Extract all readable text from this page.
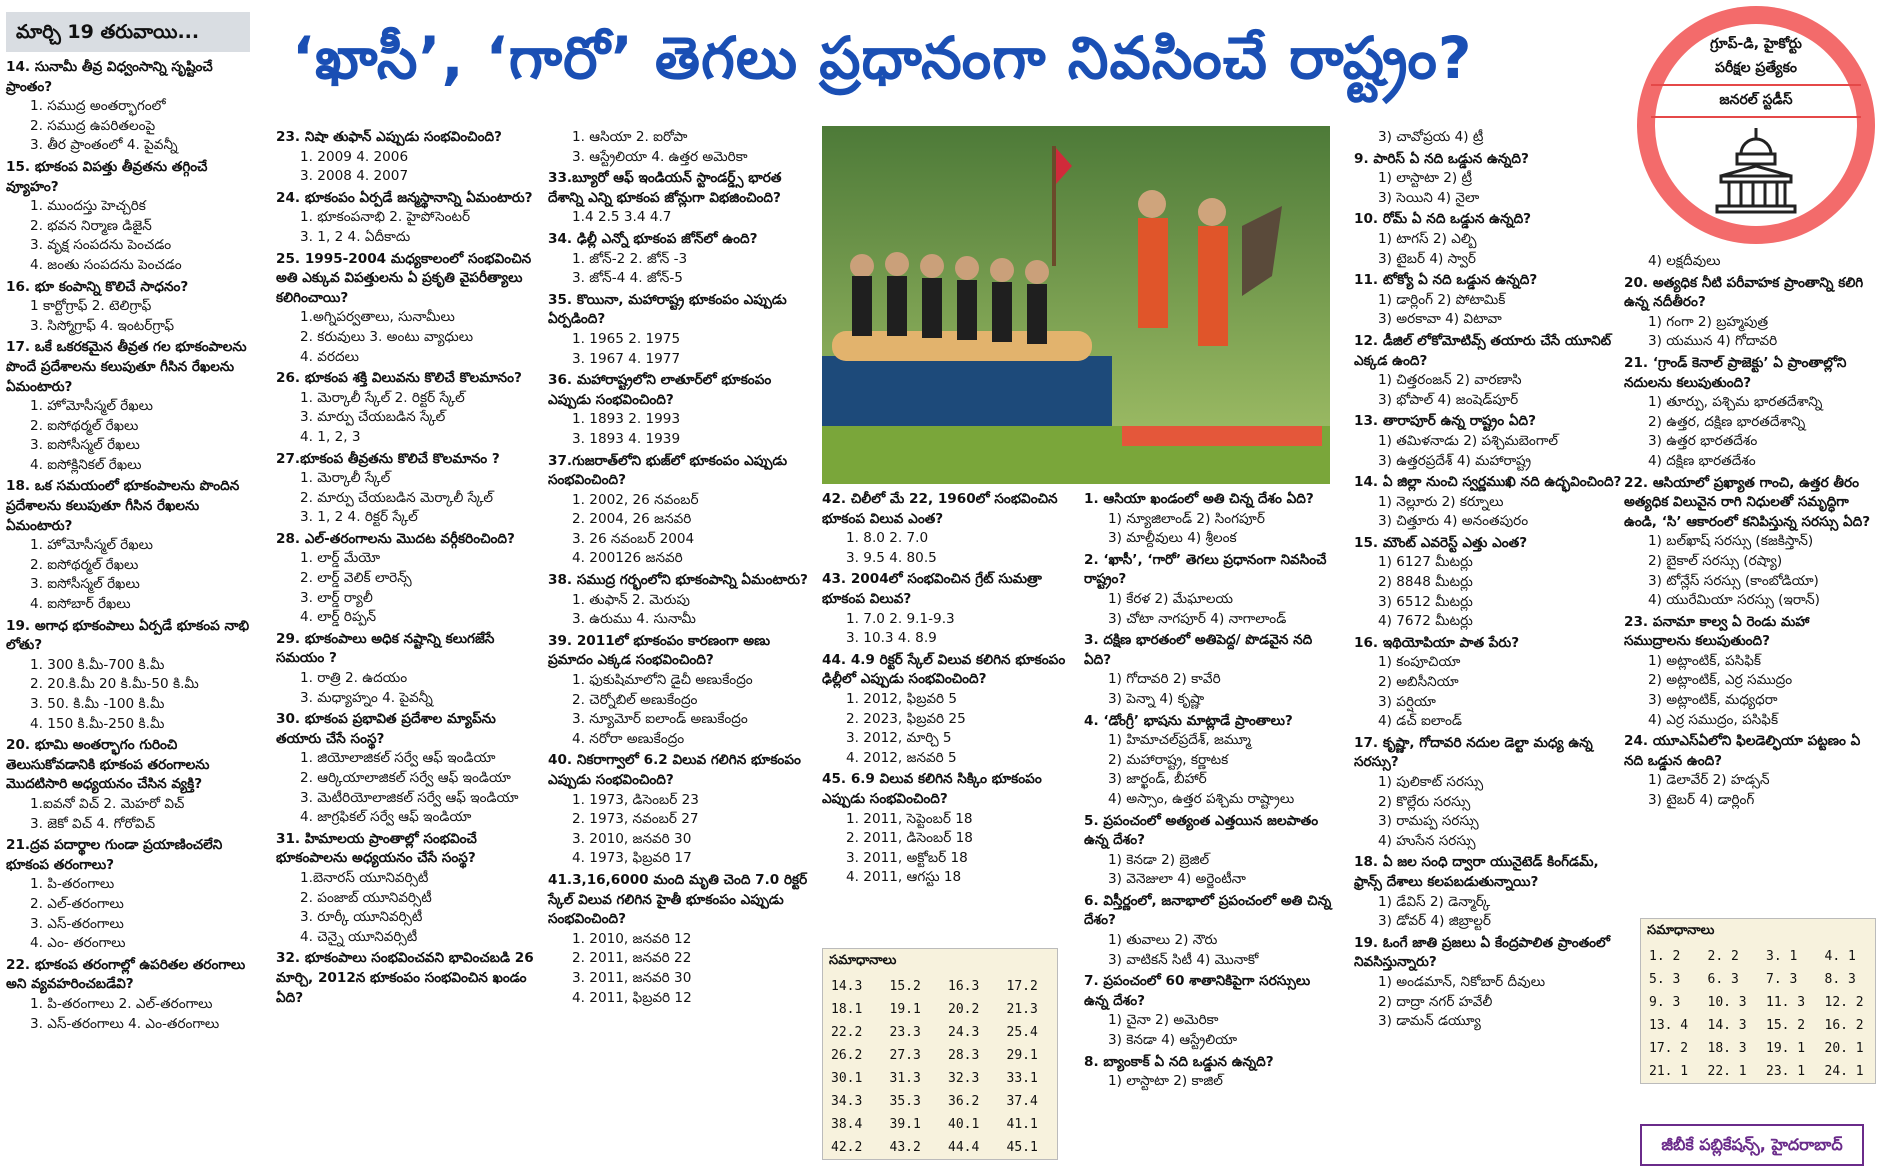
మార్చి 19 తరువాయి...	‘ఖాసీ’, ‘గారో’ తెగలు ప్రధానంగా నివసించే రాష్ట్రం?	గ్రూప్-డి, హైకోర్టు
పరీక్షల ప్రత్యేకం
జనరల్ స్టడీస్
14. సునామీ తీవ్ర విధ్వంసాన్ని సృష్టించే ప్రాంతం?
1. సముద్ర అంతర్భాగంలో
2. సముద్ర ఉపరితలంపై
3. తీర ప్రాంతంలో 4. పైవన్నీ
15. భూకంప విపత్తు తీవ్రతను తగ్గించే వ్యూహం?
1. ముందస్తు హెచ్చరిక
2. భవన నిర్మాణ డిజైన్
3. వృక్ష సంపదను పెంచడం
4. జంతు సంపదను పెంచడం
16. భూ కంపాన్ని కొలిచే సాధనం?
1 కార్టోగ్రాఫ్ 2. టెలిగ్రాఫ్
3. సిస్మోగ్రాఫ్ 4. ఇంటర్‌గ్రాఫ్
17. ఒకే ఒకరకమైన తీవ్రత గల భూకంపాలను పొందే ప్రదేశాలను కలుపుతూ గీసిన రేఖలను ఏమంటారు?
1. హోమోసీస్మల్ రేఖలు
2. ఐసోథర్మల్ రేఖలు
3. ఐసోసీస్మల్ రేఖలు
4. ఐసోక్లినికల్ రేఖలు
18. ఒక సమయంలో భూకంపాలను పొందిన ప్రదేశాలను కలుపుతూ గీసిన రేఖలను ఏమంటారు?
1. హోమోసీస్మల్ రేఖలు
2. ఐసోథర్మల్ రేఖలు
3. ఐసోసీస్మల్ రేఖలు
4. ఐసోబార్ రేఖలు
19. అగాధ భూకంపాలు ఏర్పడే భూకంప నాభి లోతు?
1. 300 కి.మీ-700 కి.మీ
2. 20.కి.మీ 20 కి.మీ-50 కి.మీ
3. 50. కి.మీ -100 కి.మీ
4. 150 కి.మీ-250 కి.మీ
20. భూమి అంతర్భాగం గురించి తెలుసుకోవడానికి భూకంప తరంగాలను మొదటిసారి అధ్యయనం చేసిన వ్యక్తి?
1.ఐవనో విచ్ 2. మెహరో విచ్
3. జెకో విచ్ 4. గోరోవిచ్
21.ద్రవ పదార్థాల గుండా ప్రయాణించలేని భూకంప తరంగాలు?
1. పి-తరంగాలు
2. ఎల్-తరంగాలు
3. ఎస్-తరంగాలు
4. ఎం- తరంగాలు
22. భూకంప తరంగాల్లో ఉపరితల తరంగాలు అని వ్యవహరించబడేవి?
1. పి-తరంగాలు 2. ఎల్-తరంగాలు
3. ఎస్-తరంగాలు 4. ఎం-తరంగాలు
23. నిషా తుఫాన్ ఎప్పుడు సంభవించింది?
1. 2009 4. 2006
3. 2008 4. 2007
24. భూకంపం ఏర్పడే జన్మస్థానాన్ని ఏమంటారు?
1. భూకంపనాభి 2. హైపోసెంటర్
3. 1, 2 4. ఏదీకాదు
25. 1995-2004 మధ్యకాలంలో సంభవించిన అతి ఎక్కువ విపత్తులను ఏ ప్రకృతి వైపరీత్యాలు కలిగించాయి?
1.అగ్నిపర్వతాలు, సునామీలు
2. కరువులు 3. అంటు వ్యాధులు
4. వరదలు
26. భూకంప శక్తి విలువను కొలిచే కొలమానం?
1. మెర్కాలీ స్కేల్ 2. రిక్టర్ స్కేల్
3. మార్పు చేయబడిన స్కేల్
4. 1, 2, 3
27.భూకంప తీవ్రతను కొలిచే కొలమానం ?
1. మెర్కాలీ స్కేల్
2. మార్పు చేయబడిన మెర్కాలీ స్కేల్
3. 1, 2 4. రిక్టర్ స్కేల్
28. ఎల్-తరంగాలను మొదట వర్గీకరించింది?
1. లార్డ్ మేయో
2. లార్డ్ వెలిక్ లారెన్స్
3. లార్డ్ ర్యాలీ
4. లార్డ్ రిప్పన్
29. భూకంపాలు అధిక నష్టాన్ని కలుగజేసే సమయం ?
1. రాత్రి 2. ఉదయం
3. మధ్యాహ్నం 4. పైవన్నీ
30. భూకంప ప్రభావిత ప్రదేశాల మ్యాప్‌ను తయారు చేసే సంస్థ?
1. జియోలాజికల్ సర్వే ఆఫ్ ఇండియా
2. ఆర్కియాలాజికల్ సర్వే ఆఫ్ ఇండియా
3. మెటీరియోలాజికల్ సర్వే ఆఫ్ ఇండియా
4. జాగ్రఫికల్ సర్వే ఆఫ్ ఇండియా
31. హిమాలయ ప్రాంతాల్లో సంభవించే భూకంపాలను అధ్యయనం చేసే సంస్థ?
1.బెనారస్ యూనివర్సిటీ
2. పంజాబ్ యూనివర్సిటీ
3. రూర్కీ యూనివర్సిటీ
4. చెన్నై యూనివర్సిటీ
32. భూకంపాలు సంభవించవని భావించబడి 26 మార్చి, 2012న భూకంపం సంభవించిన ఖండం ఏది?
1. ఆసియా 2. ఐరోపా
3. ఆస్ట్రేలియా 4. ఉత్తర అమెరికా
33.బ్యూరో ఆఫ్ ఇండియన్ స్టాండర్డ్స్ భారత దేశాన్ని ఎన్ని భూకంప జోన్లుగా విభజించింది?
1.4 2.5 3.4 4.7
34. ఢిల్లీ ఎన్నో భూకంప జోన్‌లో ఉంది?
1. జోన్-2 2. జోన్ -3
3. జోన్-4 4. జోన్-5
35. కొయినా, మహారాష్ట్ర భూకంపం ఎప్పుడు ఏర్పడింది?
1. 1965 2. 1975
3. 1967 4. 1977
36. మహారాష్ట్రలోని లాతూర్‌లో భూకంపం ఎప్పుడు సంభవించింది?
1. 1893 2. 1993
3. 1893 4. 1939
37.గుజరాత్‌లోని భుజ్‌లో భూకంపం ఎప్పుడు సంభవించింది?
1. 2002, 26 నవంబర్
2. 2004, 26 జనవరి
3. 26 నవంబర్ 2004
4. 200126 జనవరి
38. సముద్ర గర్భంలోని భూకంపాన్ని ఏమంటారు?
1. తుఫాన్ 2. మెరుపు
3. ఉరుము 4. సునామీ
39. 2011లో భూకంపం కారణంగా అణు ప్రమాదం ఎక్కడ సంభవించింది?
1. ఫుకుషిమాలోని డైచీ అణుకేంద్రం
2. చెర్నోబిల్ అణుకేంద్రం
3. న్యూమోర్ ఐలాండ్ అణుకేంద్రం
4. నరోరా అణుకేంద్రం
40. నికరాగ్వాలో 6.2 విలువ గలిగిన భూకంపం ఎప్పుడు సంభవించింది?
1. 1973, డిసెంబర్ 23
2. 1973, నవంబర్ 27
3. 2010, జనవరి 30
4. 1973, ఫిబ్రవరి 17
41.3,16,6000 మంది మృతి చెంది 7.0 రిక్టర్ స్కేల్ విలువ గలిగిన హైతీ భూకంపం ఎప్పుడు సంభవించింది?
1. 2010, జనవరి 12
2. 2011, జనవరి 22
3. 2011, జనవరి 30
4. 2011, ఫిబ్రవరి 12
42. చిలీలో మే 22, 1960లో సంభవించిన భూకంప విలువ ఎంత?
1. 8.0 2. 7.0
3. 9.5 4. 80.5
43. 2004లో సంభవించిన గ్రేట్ సుమత్రా భూకంప విలువ?
1. 7.0 2. 9.1-9.3
3. 10.3 4. 8.9
44. 4.9 రిక్టర్ స్కేల్ విలువ కలిగిన భూకంపం ఢిల్లీలో ఎప్పుడు సంభవించింది?
1. 2012, ఫిబ్రవరి 5
2. 2023, ఫిబ్రవరి 25
3. 2012, మార్చి 5
4. 2012, జనవరి 5
45. 6.9 విలువ కలిగిన సిక్కిం భూకంపం ఎప్పుడు సంభవించింది?
1. 2011, సెప్టెంబర్ 18
2. 2011, డిసెంబర్ 18
3. 2011, అక్టోబర్ 18
4. 2011, ఆగస్టు 18
1. ఆసియా ఖండంలో అతి చిన్న దేశం ఏది?
1) న్యూజిలాండ్ 2) సింగపూర్
3) మాల్దీవులు 4) శ్రీలంక
2. ‘ఖాసీ’, ‘గారో’ తెగలు ప్రధానంగా నివసించే రాష్ట్రం?
1) కేరళ 2) మేఘాలయ
3) చోటా నాగపూర్ 4) నాగాలాండ్
3. దక్షిణ భారతంలో అతిపెద్ద/ పొడవైన నది ఏది?
1) గోదావరి 2) కావేరి
3) పెన్నా 4) కృష్ణా
4. ‘డోంగ్రీ’ భాషను మాట్లాడే ప్రాంతాలు?
1) హిమాచల్‌ప్రదేశ్, జమ్మూ
2) మహారాష్ట్ర, కర్ణాటక
3) జార్ఖండ్, బీహార్
4) అస్సాం, ఉత్తర పశ్చిమ రాష్ట్రాలు
5. ప్రపంచంలో అత్యంత ఎత్తయిన జలపాతం ఉన్న దేశం?
1) కెనడా 2) బ్రెజిల్
3) వెనెజులా 4) అర్జెంటీనా
6. విస్తీర్ణంలో, జనాభాలో ప్రపంచంలో అతి చిన్న దేశం?
1) తువాలు 2) నౌరు
3) వాటికన్ సిటీ 4) మొనాకో
7. ప్రపంచంలో 60 శాతానికిపైగా సరస్సులు ఉన్న దేశం?
1) చైనా 2) అమెరికా
3) కెనడా 4) ఆస్ట్రేలియా
8. బ్యాంకాక్ ఏ నది ఒడ్డున ఉన్నది?
1) లాస్టాటా 2) కాజిల్
3) చావోప్రయ 4) ట్రీ
9. పారిస్ ఏ నది ఒడ్డున ఉన్నది?
1) లాస్టాటా 2) ట్రీ
3) సెయిని 4) నైలా
10. రోమ్ ఏ నది ఒడ్డున ఉన్నది?
1) టాగస్ 2) ఎల్బి
3) టైబర్ 4) స్వార్
11. టోక్యో ఏ నది ఒడ్డున ఉన్నది?
1) డార్లింగ్ 2) పోటామిక్
3) అరకావా 4) విటావా
12. డీజిల్ లోకోమోటివ్స్ తయారు చేసే యూనిట్ ఎక్కడ ఉంది?
1) చిత్తరంజన్ 2) వారణాసి
3) భోపాల్ 4) జంషెడ్‌పూర్
13. తారాపూర్ ఉన్న రాష్ట్రం ఏది?
1) తమిళనాడు 2) పశ్చిమబెంగాల్
3) ఉత్తరప్రదేశ్ 4) మహారాష్ట్ర
14. ఏ జిల్లా నుంచి స్వర్ణముఖి నది ఉద్భవించింది?
1) నెల్లూరు 2) కర్నూలు
3) చిత్తూరు 4) అనంతపురం
15. మౌంట్ ఎవరెస్ట్ ఎత్తు ఎంత?
1) 6127 మీటర్లు
2) 8848 మీటర్లు
3) 6512 మీటర్లు
4) 7672 మీటర్లు
16. ఇథియోపియా పాత పేరు?
1) కంపూచియా
2) అబిసీనియా
3) పర్షియా
4) డచ్ ఐలాండ్
17. కృష్ణా, గోదావరి నదుల డెల్టా మధ్య ఉన్న సరస్సు?
1) పులికాట్ సరస్సు
2) కొల్లేరు సరస్సు
3) రామప్ప సరస్సు
4) హుసేన సరస్సు
18. ఏ జల సంధి ద్వారా యునైటెడ్ కింగ్‌డమ్, ఫ్రాన్స్ దేశాలు కలపబడుతున్నాయి?
1) డేవిస్ 2) డెన్మార్క్
3) డోవర్ 4) జిబ్రాల్టర్
19. ఓంగే జాతి ప్రజలు ఏ కేంద్రపాలిత ప్రాంతంలో నివసిస్తున్నారు?
1) అండమాన్, నికోబార్ దీవులు
2) దాద్రా నగర్ హవేలీ
3) డామన్ డయ్యూ
4) లక్షదీవులు
20. అత్యధిక నీటి పరీవాహక ప్రాంతాన్ని కలిగి ఉన్న నదీతీరం?
1) గంగా 2) బ్రహ్మపుత్ర
3) యమున 4) గోదావరి
21. ‘గ్రాండ్ కెనాల్ ప్రాజెక్టు’ ఏ ప్రాంతాల్లోని నదులను కలుపుతుంది?
1) తూర్పు, పశ్చిమ భారతదేశాన్ని
2) ఉత్తర, దక్షిణ భారతదేశాన్ని
3) ఉత్తర భారతదేశం
4) దక్షిణ భారతదేశం
22. ఆసియాలో ప్రఖ్యాత గాంచి, ఉత్తర తీరం అత్యధిక విలువైన రాగి నిధులతో సమృద్ధిగా ఉండి, ‘సి’ ఆకారంలో కనిపిస్తున్న సరస్సు ఏది?
1) బల్‌ఖాష్ సరస్సు (కజకిస్తాన్)
2) బైకాల్ సరస్సు (రష్యా)
3) టోన్లేస్ సరస్సు (కాంబోడియా)
4) యురేమియా సరస్సు (ఇరాన్)
23. పనామా కాల్వ ఏ రెండు మహా సముద్రాలను కలుపుతుంది?
1) అట్లాంటిక్, పసిఫిక్
2) అట్లాంటిక్, ఎర్ర సముద్రం
3) అట్లాంటిక్, మధ్యధరా
4) ఎర్ర సముద్రం, పసిఫిక్
24. యూఎస్ఏలోని ఫిలడెల్ఫియా పట్టణం ఏ నది ఒడ్డున ఉంది?
1) డెలావేర్ 2) హడ్సన్
3) టైబర్ 4) డార్లింగ్
సమాధానాలు
14.3	15.2	16.3	17.2
18.1	19.1	20.2	21.3
22.2	23.3	24.3	25.4
26.2	27.3	28.3	29.1
30.1	31.3	32.3	33.1
34.3	35.3	36.2	37.4
38.4	39.1	40.1	41.1
42.2	43.2	44.4	45.1
సమాధానాలు
1. 2	2. 2	3. 1	4. 1
5. 3	6. 3	7. 3	8. 3
9. 3	10. 3	11. 3	12. 2
13. 4	14. 3	15. 2	16. 2
17. 2	18. 3	19. 1	20. 1
21. 1	22. 1	23. 1	24. 1
జీబీకే పబ్లికేషన్స్, హైదరాబాద్
